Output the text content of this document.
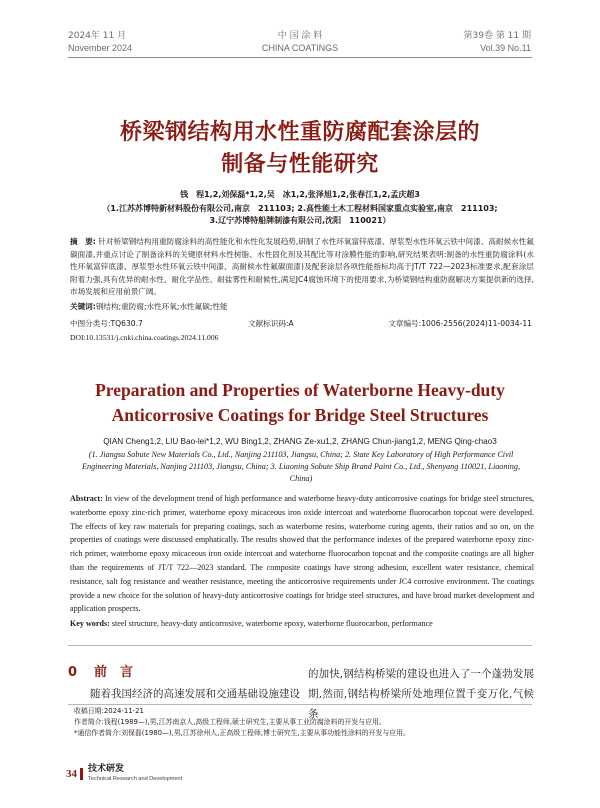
2024年 11 月
November 2024
中 国 涂 料
CHINA COATINGS
第39卷 第 11 期
Vol.39 No.11
桥梁钢结构用水性重防腐配套涂层的
制备与性能研究
钱　程1,2,刘保磊*1,2,吴　冰1,2,张泽旭1,2,张春江1,2,孟庆超3
（1.江苏苏博特新材料股份有限公司,南京　211103; 2.高性能土木工程材料国家重点实验室,南京　211103;
3.辽宁苏博特船牌制漆有限公司,沈阳　110021）
摘　要: 针对桥梁钢结构用重防腐涂料的高性能化和水性化发展趋势,研制了水性环氧富锌底漆、厚浆型水性环氧云铁中间漆、高耐候水性氟碳面漆,并重点讨论了制备涂料的关键原材料水性树脂、水性固化剂及其配比等对涂膜性能的影响,研究结果表明:制备的水性重防腐涂料(水性环氧富锌底漆、厚浆型水性环氧云铁中间漆、高耐候水性氟碳面漆)及配套涂层各项性能指标均高于JT/T 722—2023标准要求,配套涂层附着力强,具有优异的耐水性、耐化学品性、耐盐雾性和耐候性,满足JC4腐蚀环境下的使用要求,为桥梁钢结构重防腐解决方案提供新的选择,市场发展和应用前景广阔。
关键词:钢结构;重防腐;水性环氧;水性氟碳;性能
中图分类号:TQ630.7	文献标识码:A	文章编号:1006-2556(2024)11-0034-11
DOI:10.13531/j.cnki.china.coatings.2024.11.006
Preparation and Properties of Waterborne Heavy-duty
Anticorrosive Coatings for Bridge Steel Structures
QIAN Cheng1,2, LIU Bao-lei*1,2, WU Bing1,2, ZHANG Ze-xu1,2, ZHANG Chun-jiang1,2, MENG Qing-chao3
(1. Jiangsu Sobute New Materials Co., Ltd., Nanjing 211103, Jiangsu, China; 2. State Key Laboratory of High Performance Civil Engineering Materials, Nanjing 211103, Jiangsu, China; 3. Liaoning Sobute Ship Brand Paint Co., Ltd., Shenyang 110021, Liaoning, China)
Abstract: In view of the development trend of high performance and waterborne heavy-duty anticorrosive coatings for bridge steel structures, waterborne epoxy zinc-rich primer, waterborne epoxy micaceous iron oxide intercoat and waterborne fluorocarbon topcoat were developed. The effects of key raw materials for preparing coatings, such as waterborne resins, waterborne curing agents, their ratios and so on, on the properties of coatings were discussed emphatically. The results showed that the performance indexes of the prepared waterborne epoxy zinc-rich primer, waterborne epoxy micaceous iron oxide intercoat and waterborne fluorocarbon topcoat and the composite coatings are all higher than the requirements of JT/T 722—2023 standard. The composite coatings have strong adhesion, excellent water resistance, chemical resistance, salt fog resistance and weather resistance, meeting the anticorrosive requirements under JC4 corrosive environment. The coatings provide a new choice for the solution of heavy-duty anticorrosive coatings for bridge steel structures, and have broad market development and application prospects.
Key words: steel structure, heavy-duty anticorrosive, waterborne epoxy, waterborne fluorocarbon, performance
0 前　言
随着我国经济的高速发展和交通基础设施建设
的加快,钢结构桥梁的建设也进入了一个蓬勃发展期,然而,钢结构桥梁所处地理位置千变万化,气候条
收稿日期:2024-11-21
作者简介:钱程(1989—),男,江苏南京人,高级工程师,硕士研究生,主要从事工业防腐涂料的开发与应用。
*通信作者简介:刘保磊(1980—),男,江苏徐州人,正高级工程师,博士研究生,主要从事功能性涂料的开发与应用。
34 技术研发
Technical Research and Development
